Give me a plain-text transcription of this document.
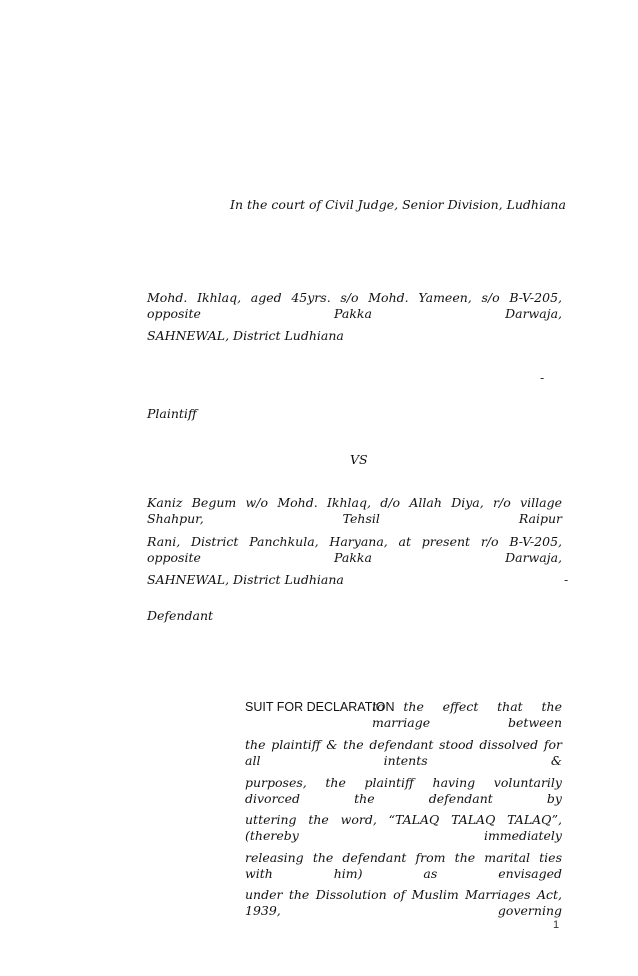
In the court of Civil Judge, Senior Division, Ludhiana
Mohd. Ikhlaq, aged 45yrs. s/o Mohd. Yameen, s/o B-V-205, opposite Pakka Darwaja,
SAHNEWAL, District Ludhiana
-
Plaintiff
VS
Kaniz Begum w/o Mohd. Ikhlaq, d/o Allah Diya, r/o village Shahpur, Tehsil Raipur
Rani, District Panchkula, Haryana, at present r/o B-V-205, opposite Pakka Darwaja,
SAHNEWAL, District Ludhiana	-
Defendant
SUIT FOR DECLARATION
to the effect that the marriage between
the plaintiff & the defendant stood dissolved for all intents &
purposes, the plaintiff having voluntarily divorced the defendant by
uttering the word, “TALAQ TALAQ TALAQ”, (thereby immediately
releasing the defendant from the marital ties with him) as envisaged
under the Dissolution of Muslim Marriages Act, 1939, governing
1
